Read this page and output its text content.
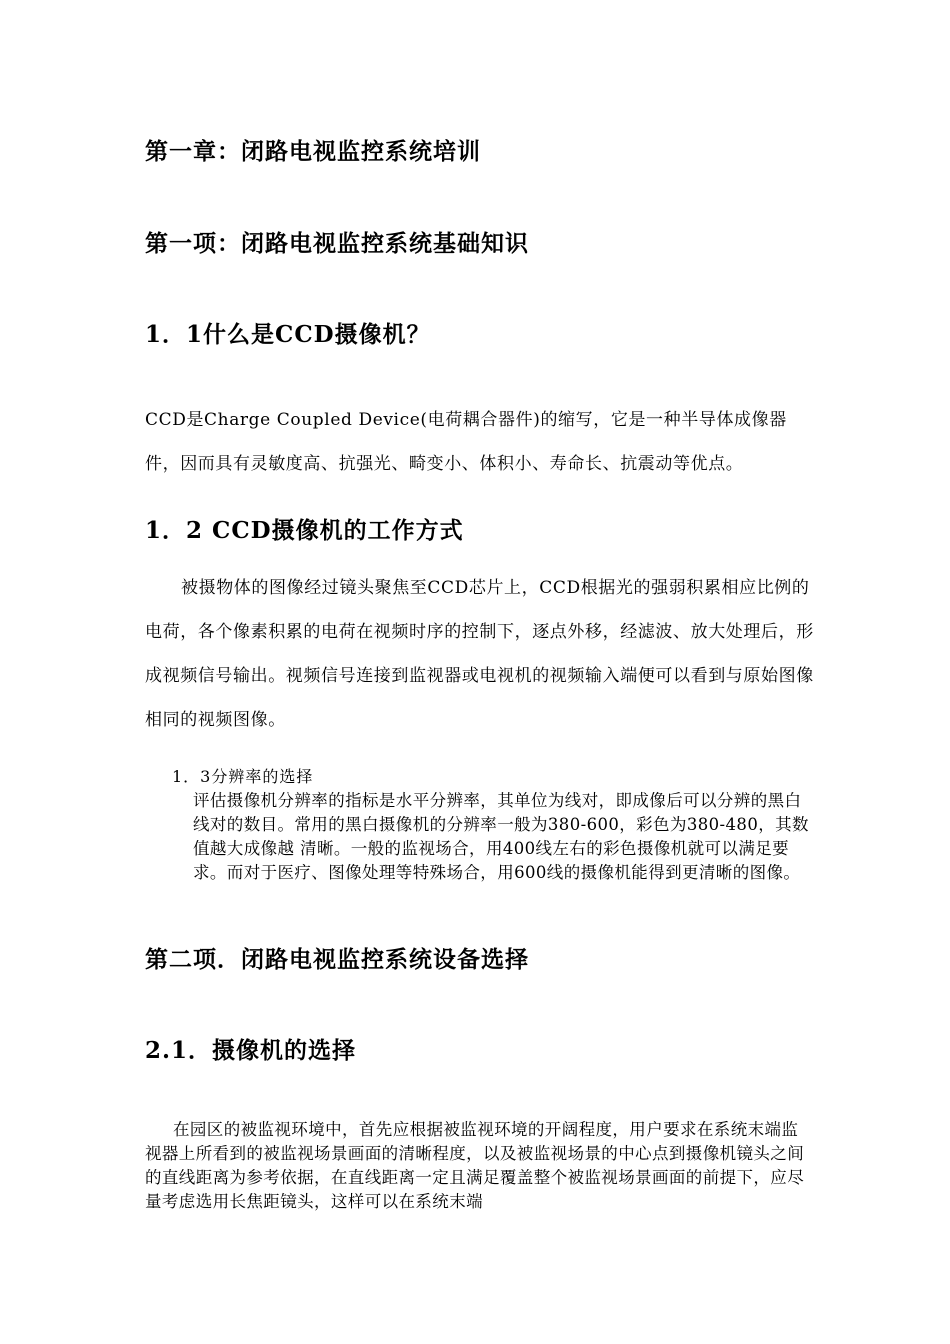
第一章：闭路电视监控系统培训
第一项：闭路电视监控系统基础知识
1．1什么是CCD摄像机？

CCD是Charge Coupled Device(电荷耦合器件)的缩写，它是一种半导体成像器件，因而具有灵敏度高、抗强光、畸变小、体积小、寿命长、抗震动等优点。

1．2 CCD摄像机的工作方式

被摄物体的图像经过镜头聚焦至CCD芯片上，CCD根据光的强弱积累相应比例的电荷，各个像素积累的电荷在视频时序的控制下，逐点外移，经滤波、放大处理后，形成视频信号输出。视频信号连接到监视器或电视机的视频输入端便可以看到与原始图像相同的视频图像。

1．3分辨率的选择

评估摄像机分辨率的指标是水平分辨率，其单位为线对，即成像后可以分辨的黑白线对的数目。常用的黑白摄像机的分辨率一般为380-600，彩色为380-480，其数值越大成像越 清晰。一般的监视场合，用400线左右的彩色摄像机就可以满足要求。而对于医疗、图像处理等特殊场合，用600线的摄像机能得到更清晰的图像。

第二项．闭路电视监控系统设备选择
2.1．摄像机的选择

在园区的被监视环境中，首先应根据被监视环境的开阔程度，用户要求在系统末端监视器上所看到的被监视场景画面的清晰程度，以及被监视场景的中心点到摄像机镜头之间的直线距离为参考依据，在直线距离一定且满足覆盖整个被监视场景画面的前提下，应尽量考虑选用长焦距镜头，这样可以在系统末端
